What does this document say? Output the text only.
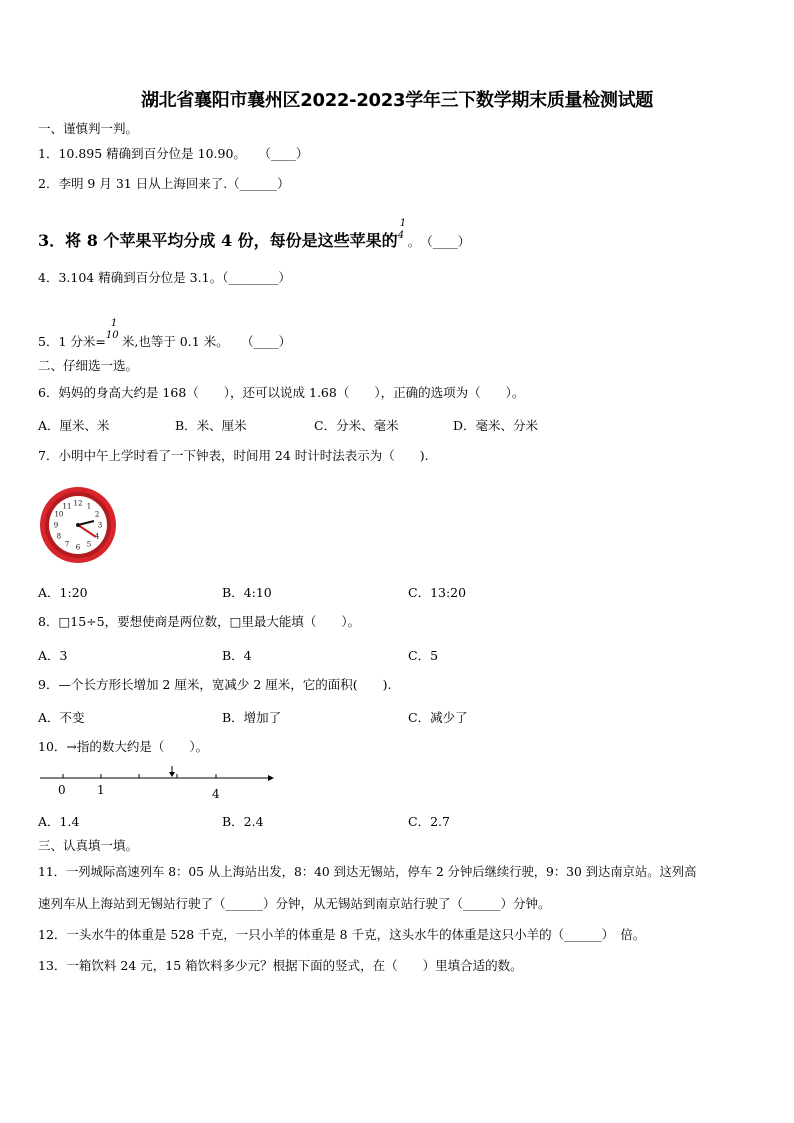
湖北省襄阳市襄州区2022-2023学年三下数学期末质量检测试题
一、谨慎判一判。
1．10.895 精确到百分位是 10.90。　　（____）
2．李明 9 月 31 日从上海回来了.（______）
3．将 8 个苹果平均分成 4 份，每份是这些苹果的
1
4 。　（____）
4．3.104 精确到百分位是 3.1。（________）
5．1 分米=
1
10 米,也等于 0.1 米。　　（____）
二、仔细选一选。
6．妈妈的身高大约是 168（　　），还可以说成 1.68（　　），正确的选项为（　　）。
A．厘米、米	B．米、厘米	C．分米、毫米	D．毫米、分米
7．小明中午上学时看了一下钟表，时间用 24 时计时法表示为（　　).
12 1
2
3
4
5
6
7
8
9
10
11
A．1:20	B．4:10	C．13:20
8．□15÷5，要想使商是两位数，□里最大能填（　　）。
A．3	B．4	C．5
9．—个长方形长增加 2 厘米，宽减少 2 厘米，它的面积(　　).
A．不变	B．增加了	C．减少了
10．→指的数大约是（　　）。
0	1	4
A．1.4	B．2.4	C．2.7
三、认真填一填。
11．一列城际高速列车 8：05 从上海站出发，8：40 到达无锡站，停车 2 分钟后继续行驶，9：30 到达南京站。这列高
速列车从上海站到无锡站行驶了（______）分钟，从无锡站到南京站行驶了（______）分钟。
12．一头水牛的体重是 528 千克，一只小羊的体重是 8 千克，这头水牛的体重是这只小羊的（______）　倍。
13．一箱饮料 24 元，15 箱饮料多少元？根据下面的竖式，在（　　）里填合适的数。
